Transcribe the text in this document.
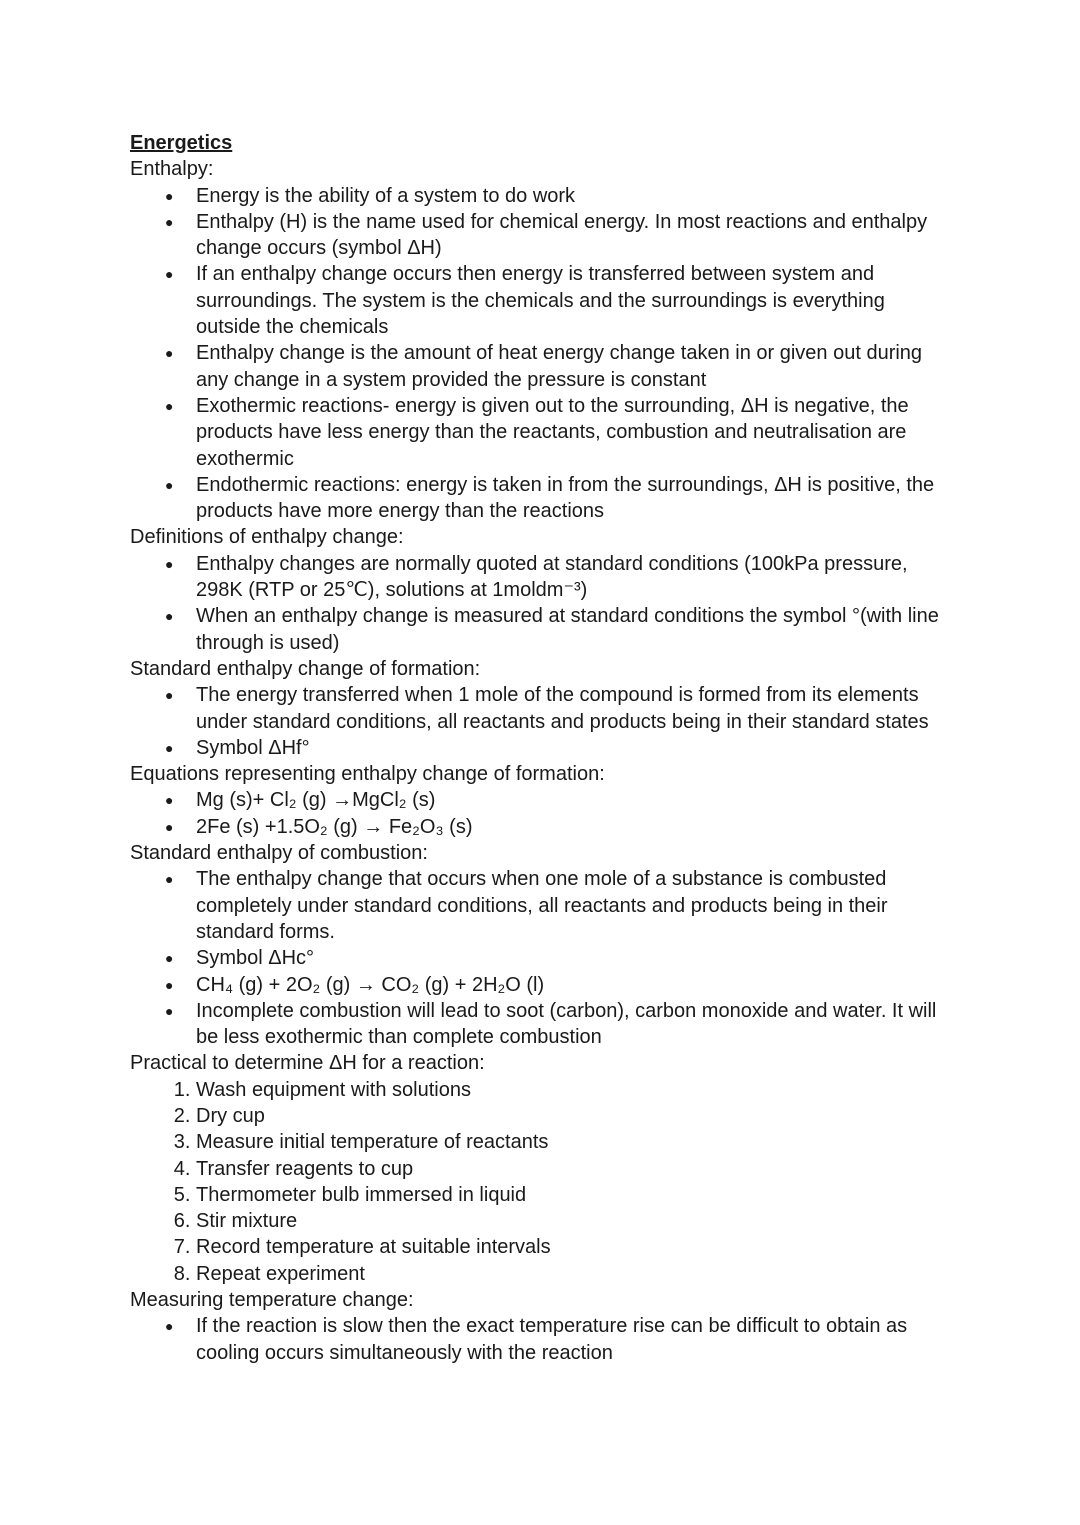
Energetics

Enthalpy:

● Energy is the ability of a system to do work
● Enthalpy (H) is the name used for chemical energy. In most reactions and enthalpy change occurs (symbol ΔH)
● If an enthalpy change occurs then energy is transferred between system and surroundings. The system is the chemicals and the surroundings is everything outside the chemicals
● Enthalpy change is the amount of heat energy change taken in or given out during any change in a system provided the pressure is constant
● Exothermic reactions- energy is given out to the surrounding, ΔH is negative, the products have less energy than the reactants, combustion and neutralisation are exothermic
● Endothermic reactions: energy is taken in from the surroundings, ΔH is positive, the products have more energy than the reactions

Definitions of enthalpy change:

● Enthalpy changes are normally quoted at standard conditions (100kPa pressure, 298K (RTP or 25℃), solutions at 1moldm⁻³)
● When an enthalpy change is measured at standard conditions the symbol °(with line through is used)

Standard enthalpy change of formation:

● The energy transferred when 1 mole of the compound is formed from its elements under standard conditions, all reactants and products being in their standard states
● Symbol ΔHf°

Equations representing enthalpy change of formation:

● Mg (s)+ Cl₂ (g) →MgCl₂ (s)
● 2Fe (s) +1.5O₂ (g) → Fe₂O₃ (s)

Standard enthalpy of combustion:

● The enthalpy change that occurs when one mole of a substance is combusted completely under standard conditions, all reactants and products being in their standard forms.
● Symbol ΔHc°
● CH₄ (g) + 2O₂ (g) → CO₂ (g) + 2H₂O (l)
● Incomplete combustion will lead to soot (carbon), carbon monoxide and water. It will be less exothermic than complete combustion

Practical to determine ΔH for a reaction:

1. Wash equipment with solutions
2. Dry cup
3. Measure initial temperature of reactants
4. Transfer reagents to cup
5. Thermometer bulb immersed in liquid
6. Stir mixture
7. Record temperature at suitable intervals
8. Repeat experiment

Measuring temperature change:

● If the reaction is slow then the exact temperature rise can be difficult to obtain as cooling occurs simultaneously with the reaction
